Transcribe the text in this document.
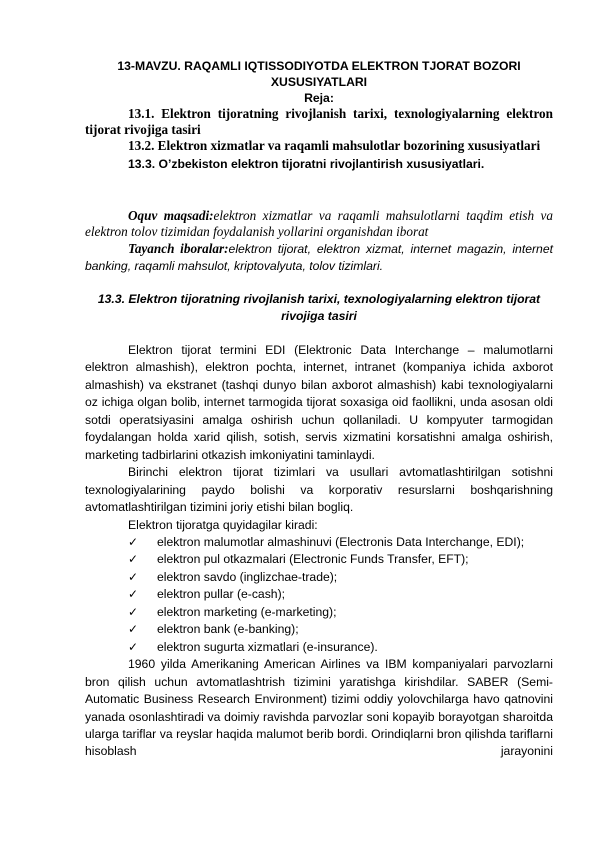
13-MAVZU. RAQAMLI IQTISSODIYOTDA ELEKTRON TJORAT BOZORI XUSUSIYATLARI
Reja:

13.1. Elektron tijoratning rivojlanish tarixi, texnologiyalarning elektron tijorat rivojiga tasiri

13.2. Elektron xizmatlar va raqamli mahsulotlar bozorining xususiyatlari

13.3. O’zbekiston elektron tijoratni rivojlantirish xususiyatlari.

Oquv maqsadi:elektron xizmatlar va raqamli mahsulotlarni taqdim etish va elektron tolov tizimidan foydalanish yollarini organishdan iborat

Tayanch iboralar:elektron tijorat, elektron xizmat, internet magazin, internet banking, raqamli mahsulot, kriptovalyuta, tolov tizimlari.

13.3. Elektron tijoratning rivojlanish tarixi, texnologiyalarning elektron tijorat rivojiga tasiri

Elektron tijorat termini EDI (Elektronic Data Interchange – malumotlarni elektron almashish), elektron pochta, internet, intranet (kompaniya ichida axborot almashish) va ekstranet (tashqi dunyo bilan axborot almashish) kabi texnologiyalarni oz ichiga olgan bolib, internet tarmogida tijorat soxasiga oid faollikni, unda asosan oldi sotdi operatsiyasini amalga oshirish uchun qollaniladi. U kompyuter tarmogidan foydalangan holda xarid qilish, sotish, servis xizmatini korsatishni amalga oshirish, marketing tadbirlarini otkazish imkoniyatini taminlaydi.

Birinchi elektron tijorat tizimlari va usullari avtomatlashtirilgan sotishni texnologiyalarining paydo bolishi va korporativ resurslarni boshqarishning avtomatlashtirilgan tizimini joriy etishi bilan bogliq.

Elektron tijoratga quyidagilar kiradi:

✓ elektron malumotlar almashinuvi (Electronis Data Interchange, EDI);
✓ elektron pul otkazmalari (Electronic Funds Transfer, EFT);
✓ elektron savdo (inglizchae-trade);
✓ elektron pullar (e-cash);
✓ elektron marketing (e-marketing);
✓ elektron bank (e-banking);
✓ elektron sugurta xizmatlari (e-insurance).

1960 yilda Amerikaning American Airlines va IBM kompaniyalari parvozlarni bron qilish uchun avtomatlashtrish tizimini yaratishga kirishdilar. SABER (Semi-Automatic Business Research Environment) tizimi oddiy yolovchilarga havo qatnovini yanada osonlashtiradi va doimiy ravishda parvozlar soni kopayib borayotgan sharoitda ularga tariflar va reyslar haqida malumot berib bordi. Orindiqlarni bron qilishda tariflarni hisoblash jarayonini
